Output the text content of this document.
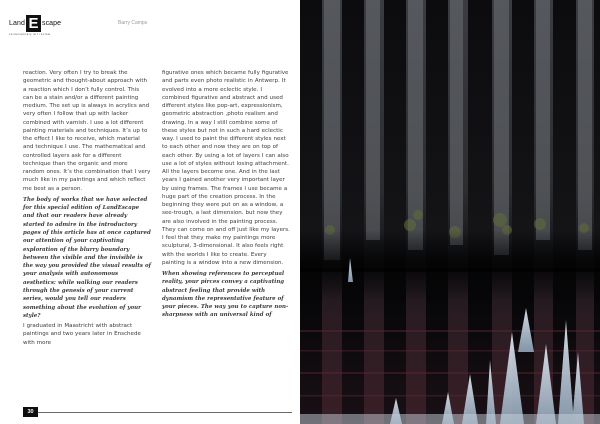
Land E scape
contemporary art review
Barry Camps

reaction. Very often I try to break the geometric and thought-about approach with a reaction which I don’t fully control. This can be a stain and/or a different painting medium. The set up is always in acrylics and very often I follow that up with lacker combined with varnish. I use a lot different painting materials and techniques. It’s up to the effect I like to receive, which material and technique I use. The mathematical and controlled layers ask for a different technique than the organic and more random ones. It’s the combination that I very much like in my paintings and which reflect me best as a person.

The body of works that we have selected for this special edition of LandEscape and that our readers have already started to admire in the introductory pages of this article has at once captured our attention of your captivating exploration of the blurry boundary between the visible and the invisible is the way you provided the visual results of your analysis with autonomous aesthetics: while walking our readers through the genesis of your current series, would you tell our readers something about the evolution of your style?

I graduated in Maastricht with abstract paintings and two years later in Enschede with more

figurative ones which became fully figurative and parts even photo realistic in Antwerp. It evolved into a more eclectic style. I combined figurative and abstract and used different styles like pop-art, expressionism, geometric abstraction ,photo realism and drawing. In a way I still combine some of these styles but not in such a hard eclectic way. I used to paint the different styles next to each other and now they are on top of each other. By using a lot of layers I can also use a lot of styles without losing attachment. All the layers become one. And in the last years I gained another very important layer by using frames. The frames I use became a huge part of the creation process. In the beginning they were put on as a window, a see-trough, a last dimension. but now they are also involved in the painting process. They can come on and off just like my layers. I feel that they make my paintings more sculptural, 3-dimensional. It also feels right with the worlds I like to create. Every painting is a window into a new dimension.

When showing references to perceptual reality, your pirces convey a captivating abstract feeling that provide with dynamism the representative feature of your pieces. The way you to capture non-sharpness with an universal kind of

30
